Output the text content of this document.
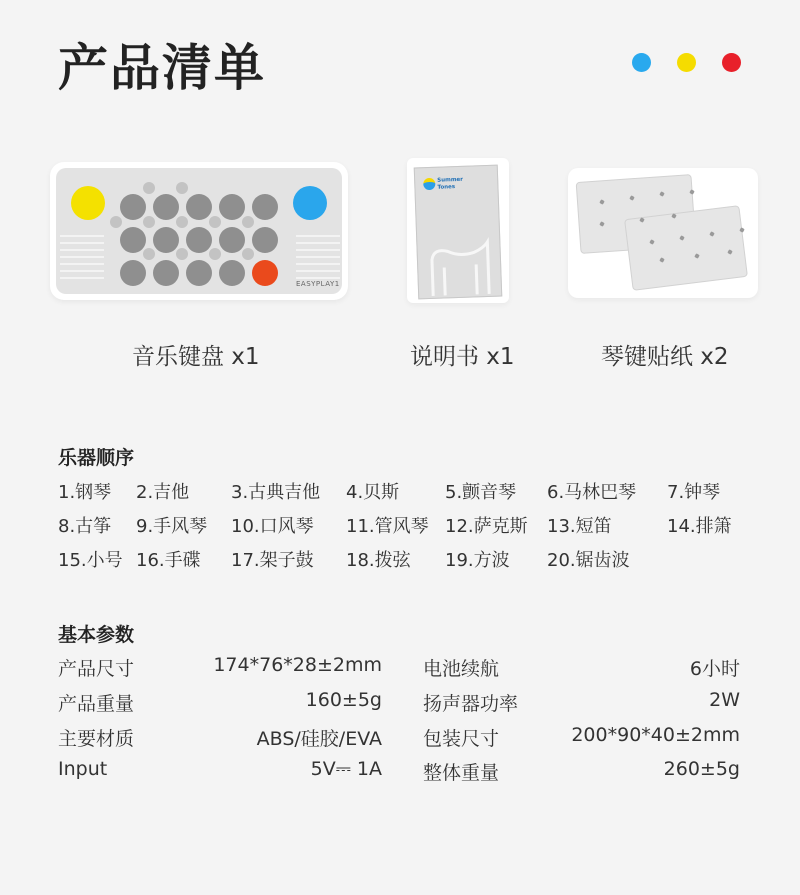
产品清单
EASYPLAY1
Summer
Tones
音乐键盘 x1	说明书 x1	琴键贴纸 x2
乐器顺序
1.钢琴 2.吉他 3.古典吉他 4.贝斯	5.颤音琴 6.马林巴琴 7.钟琴
8.古筝 9.手风琴 10.口风琴 11.管风琴 12.萨克斯 13.短笛	14.排箫
15.小号 16.手碟 17.架子鼓 18.拨弦 19.方波 20.锯齿波
基本参数
产品尺寸	174*76*28±2mm 电池续航	6小时
产品重量	160±5g 扬声器功率	2W
主要材质	ABS/硅胶/EVA 包装尺寸	200*90*40±2mm
Input	5V⎓ 1A 整体重量	260±5g
